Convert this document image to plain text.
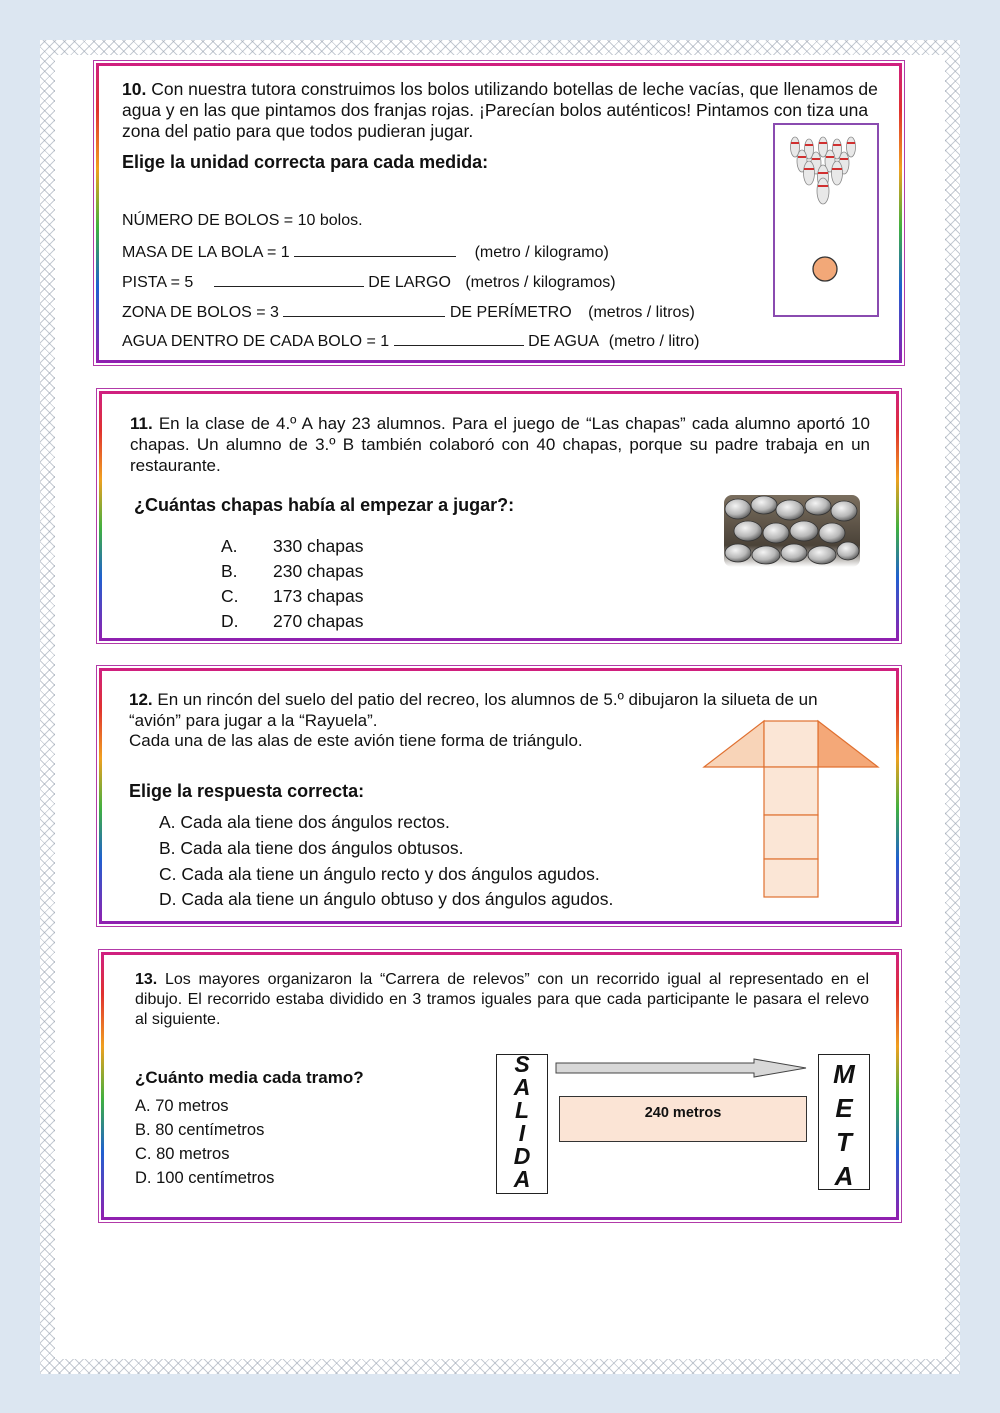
10. Con nuestra tutora construimos los bolos utilizando botellas de leche vacías, que llenamos de agua y en las que pintamos dos franjas rojas. ¡Parecían bolos auténticos! Pintamos con tiza una zona del patio para que todos pudieran jugar.
Elige la unidad correcta para cada medida:
NÚMERO DE BOLOS = 10 bolos.
MASA DE LA BOLA = 1	(metro / kilogramo)
PISTA = 5	DE LARGO (metros / kilogramos)
ZONA DE BOLOS = 3	DE PERÍMETRO (metros / litros)
AGUA DENTRO DE CADA BOLO = 1	DE AGUA (metro / litro)
11. En la clase de 4.º A hay 23 alumnos. Para el juego de “Las chapas” cada alumno aportó 10 chapas. Un alumno de 3.º B también colaboró con 40 chapas, porque su padre trabaja en un restaurante.
¿Cuántas chapas había al empezar a jugar?:
A. 330 chapas
B. 230 chapas
C. 173 chapas
D. 270 chapas
12. En un rincón del suelo del patio del recreo, los alumnos de 5.º dibujaron la silueta de un “avión” para jugar a la “Rayuela”.
Cada una de las alas de este avión tiene forma de triángulo.
Elige la respuesta correcta:
A. Cada ala tiene dos ángulos rectos.
B. Cada ala tiene dos ángulos obtusos.
C. Cada ala tiene un ángulo recto y dos ángulos agudos.
D. Cada ala tiene un ángulo obtuso y dos ángulos agudos.
13. Los mayores organizaron la “Carrera de relevos” con un recorrido igual al representado en el dibujo. El recorrido estaba dividido en 3 tramos iguales para que cada participante le pasara el relevo al siguiente.
¿Cuánto media cada tramo?
A. 70 metros
B. 80 centímetros
C. 80 metros
D. 100 centímetros
S
A
L
I
D
A
240 metros
M
E
T
A
